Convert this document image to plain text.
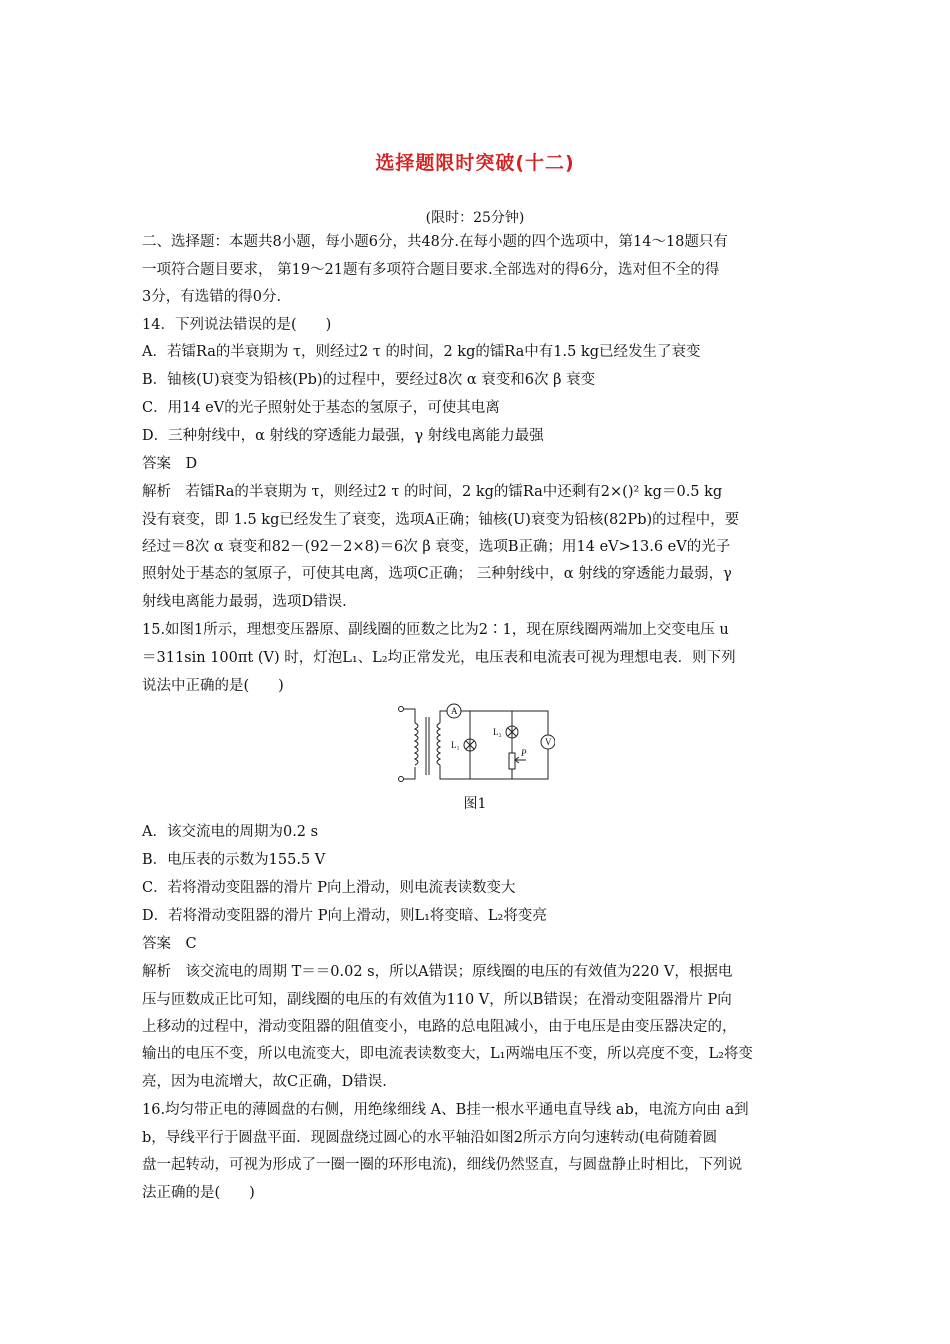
选择题限时突破(十二)
(限时：25分钟)
二、选择题：本题共8小题，每小题6分，共48分.在每小题的四个选项中，第14～18题只有
一项符合题目要求， 第19～21题有多项符合题目要求.全部选对的得6分，选对但不全的得
3分，有选错的得0分.
14．下列说法错误的是(　　)
A．若镭Ra的半衰期为 τ，则经过2 τ 的时间，2 kg的镭Ra中有1.5 kg已经发生了衰变
B．铀核(U)衰变为铅核(Pb)的过程中，要经过8次 α 衰变和6次 β 衰变
C．用14 eV的光子照射处于基态的氢原子，可使其电离
D．三种射线中，α 射线的穿透能力最强，γ 射线电离能力最强
答案　D
解析　若镭Ra的半衰期为 τ，则经过2 τ 的时间，2 kg的镭Ra中还剩有2×()² kg＝0.5 kg
没有衰变，即 1.5 kg已经发生了衰变，选项A正确；铀核(U)衰变为铅核(82Pb)的过程中，要
经过＝8次 α 衰变和82－(92－2×8)＝6次 β 衰变，选项B正确；用14 eV>13.6 eV的光子
照射处于基态的氢原子，可使其电离，选项C正确； 三种射线中，α 射线的穿透能力最弱，γ
射线电离能力最弱，选项D错误.
15.如图1所示，理想变压器原、副线圈的匝数之比为2∶1，现在原线圈两端加上交变电压 u
＝311sin 100πt (V) 时，灯泡L₁、L₂均正常发光，电压表和电流表可视为理想电表．则下列
说法中正确的是(　　)
A
V
L₁
L₂
P
图1
A．该交流电的周期为0.2 s
B．电压表的示数为155.5 V
C．若将滑动变阻器的滑片 P向上滑动，则电流表读数变大
D．若将滑动变阻器的滑片 P向上滑动，则L₁将变暗、L₂将变亮
答案　C
解析　该交流电的周期 T＝＝0.02 s，所以A错误；原线圈的电压的有效值为220 V，根据电
压与匝数成正比可知，副线圈的电压的有效值为110 V，所以B错误；在滑动变阻器滑片 P向
上移动的过程中，滑动变阻器的阻值变小，电路的总电阻减小，由于电压是由变压器决定的，
输出的电压不变，所以电流变大，即电流表读数变大，L₁两端电压不变，所以亮度不变，L₂将变
亮，因为电流增大，故C正确，D错误.
16.均匀带正电的薄圆盘的右侧，用绝缘细线 A、B挂一根水平通电直导线 ab，电流方向由 a到
b，导线平行于圆盘平面．现圆盘绕过圆心的水平轴沿如图2所示方向匀速转动(电荷随着圆
盘一起转动，可视为形成了一圈一圈的环形电流)，细线仍然竖直，与圆盘静止时相比，下列说
法正确的是(　　)
